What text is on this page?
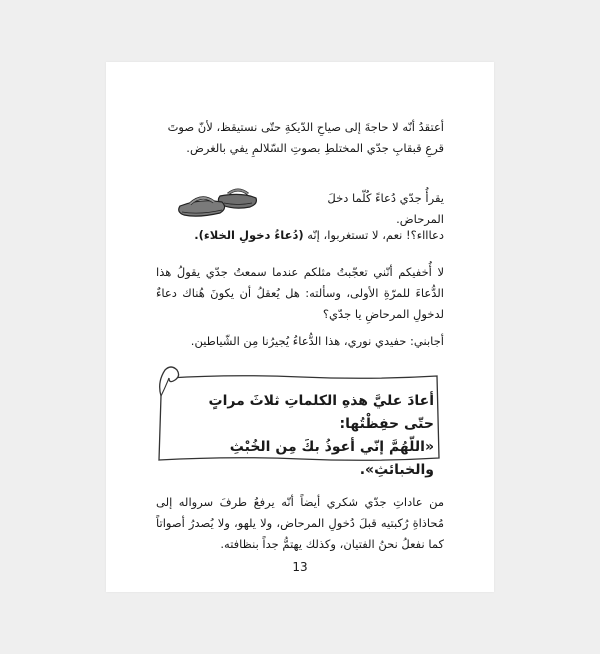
أعتقدُ أنّه لا حاجةَ إلى صياحِ الدّيكةِ حتّى نستيقظ، لأنّ صوتَ قرعِ قبقابِ جدّي المختلطِ بصوتِ السّلالمِ يفي بالغرض.

يقرأُ جدّي دُعاءً كُلّما دخلَ المرحاض.

دعاااء؟! نعم، لا تستغربوا، إنّه (دُعاءُ دخولِ الخلاء).

لا أُخفيكم أنّني تعجّبتُ مثلكم عندما سمعتُ جدّي يقولُ هذا الدُّعاءَ للمرّةِ الأولى، وسألته: هل يُعقلُ أن يكونَ هُناك دعاءٌ لدخولِ المرحاضِ يا جدّي؟

أجابني: حفيدي نوري، هذا الدُّعاءُ يُجيرُنا مِن الشّياطين.

أعادَ عليَّ هذهِ الكلماتِ ثلاثَ مراتٍ حتّى حفِظْتُها:
«اللّهُمَّ إنّي أعوذُ بكَ مِن الخُبْثِ والخبائثِ».

من عاداتِ جدّي شكري أيضاً أنّه يرفعُ طرفَ سرواله إلى مُحاذاةِ رُكبتيه قبلَ دُخولِ المرحاض، ولا يلهو، ولا يُصدرُ أصواتاً كما نفعلُ نحنُ الفتيان، وكذلك يهتمُّ جداً بنظافته.

13
